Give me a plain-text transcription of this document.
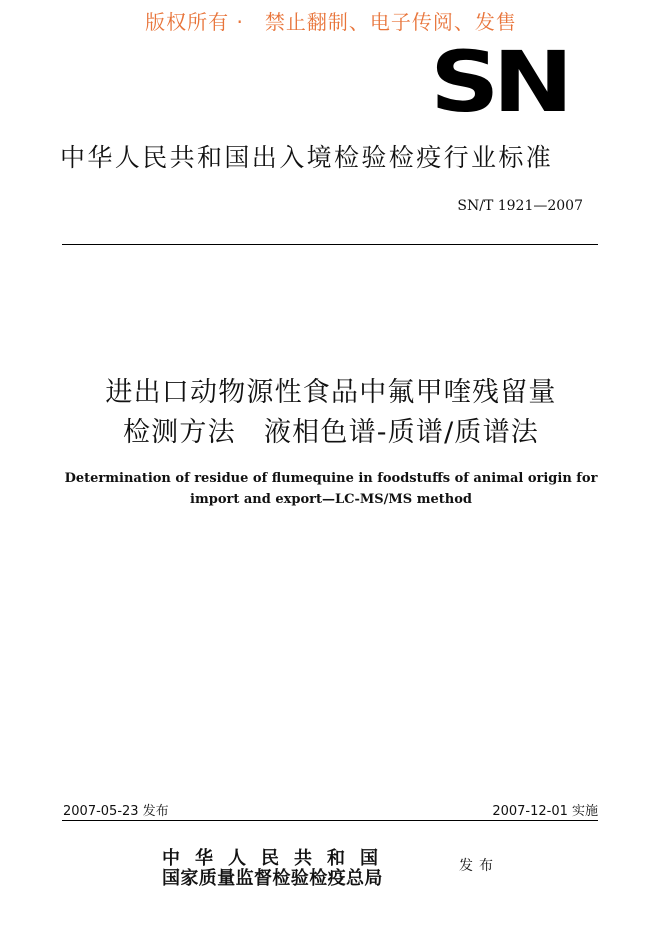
版权所有 ·　禁止翻制、电子传阅、发售
SN
中华人民共和国出入境检验检疫行业标准
SN/T 1921—2007
进出口动物源性食品中氟甲喹残留量
检测方法　液相色谱-质谱/质谱法
Determination of residue of flumequine in foodstuffs of animal origin for
import and export—LC-MS/MS method
2007-05-23 发布	2007-12-01 实施
中华人民共和国
国家质量监督检验检疫总局
发布
